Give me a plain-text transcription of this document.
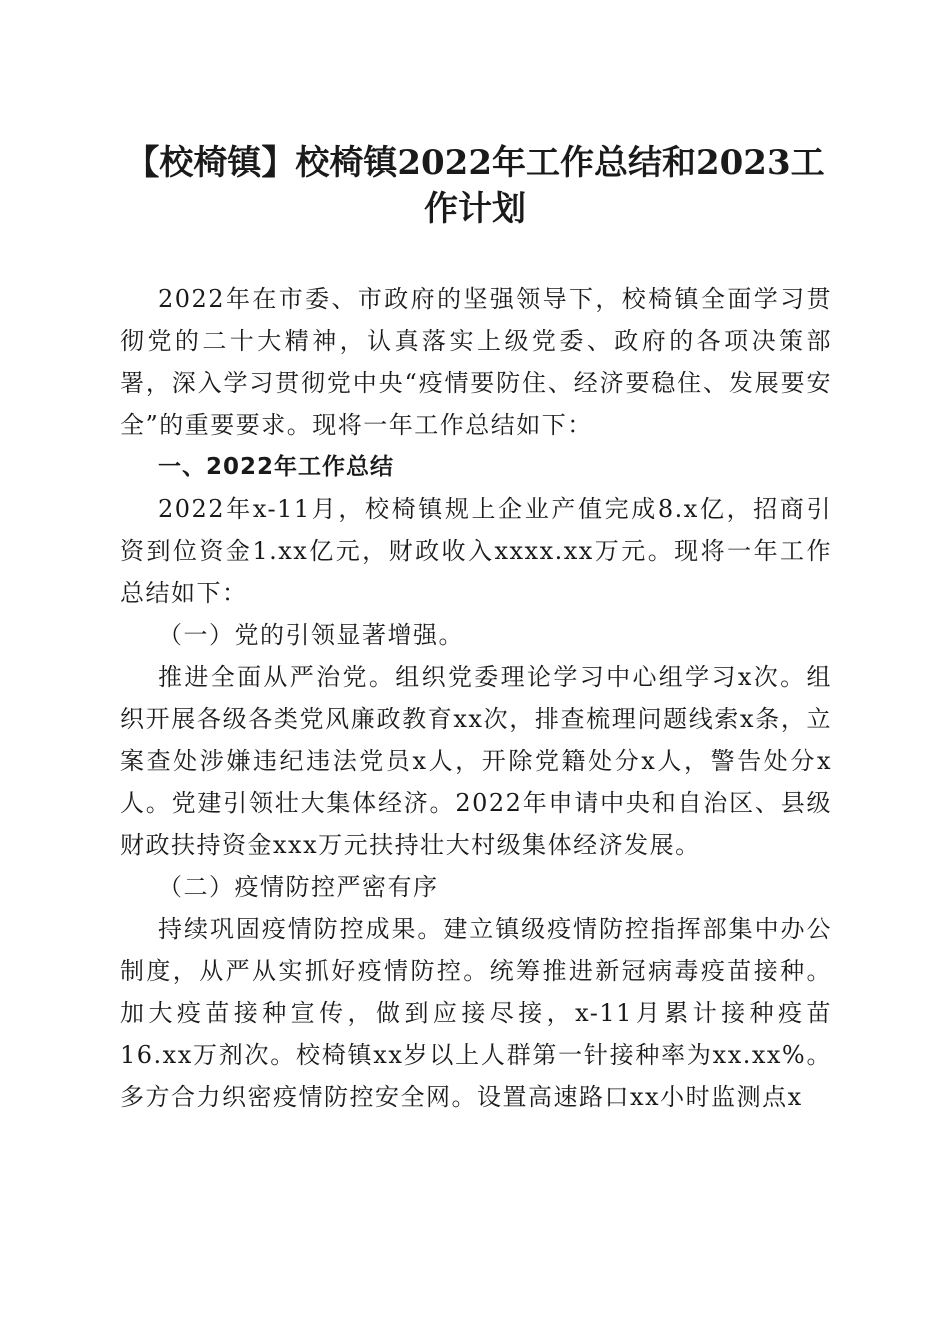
【校椅镇】校椅镇2022年工作总结和2023工
作计划

2022年在市委、市政府的坚强领导下，校椅镇全面学习贯彻党的二十大精神，认真落实上级党委、政府的各项决策部署，深入学习贯彻党中央“疫情要防住、经济要稳住、发展要安全”的重要要求。现将一年工作总结如下：

一、2022年工作总结

2022年x-11月，校椅镇规上企业产值完成8.x亿，招商引资到位资金1.xx亿元，财政收入xxxx.xx万元。现将一年工作总结如下：

（一）党的引领显著增强。

推进全面从严治党。组织党委理论学习中心组学习x次。组织开展各级各类党风廉政教育xx次，排查梳理问题线索x条，立案查处涉嫌违纪违法党员x人，开除党籍处分x人，警告处分x人。党建引领壮大集体经济。2022年申请中央和自治区、县级财政扶持资金xxx万元扶持壮大村级集体经济发展。

（二）疫情防控严密有序

持续巩固疫情防控成果。建立镇级疫情防控指挥部集中办公制度，从严从实抓好疫情防控。统筹推进新冠病毒疫苗接种。加大疫苗接种宣传，做到应接尽接，x-11月累计接种疫苗16.xx万剂次。校椅镇xx岁以上人群第一针接种率为xx.xx%。多方合力织密疫情防控安全网。设置高速路口xx小时监测点x
